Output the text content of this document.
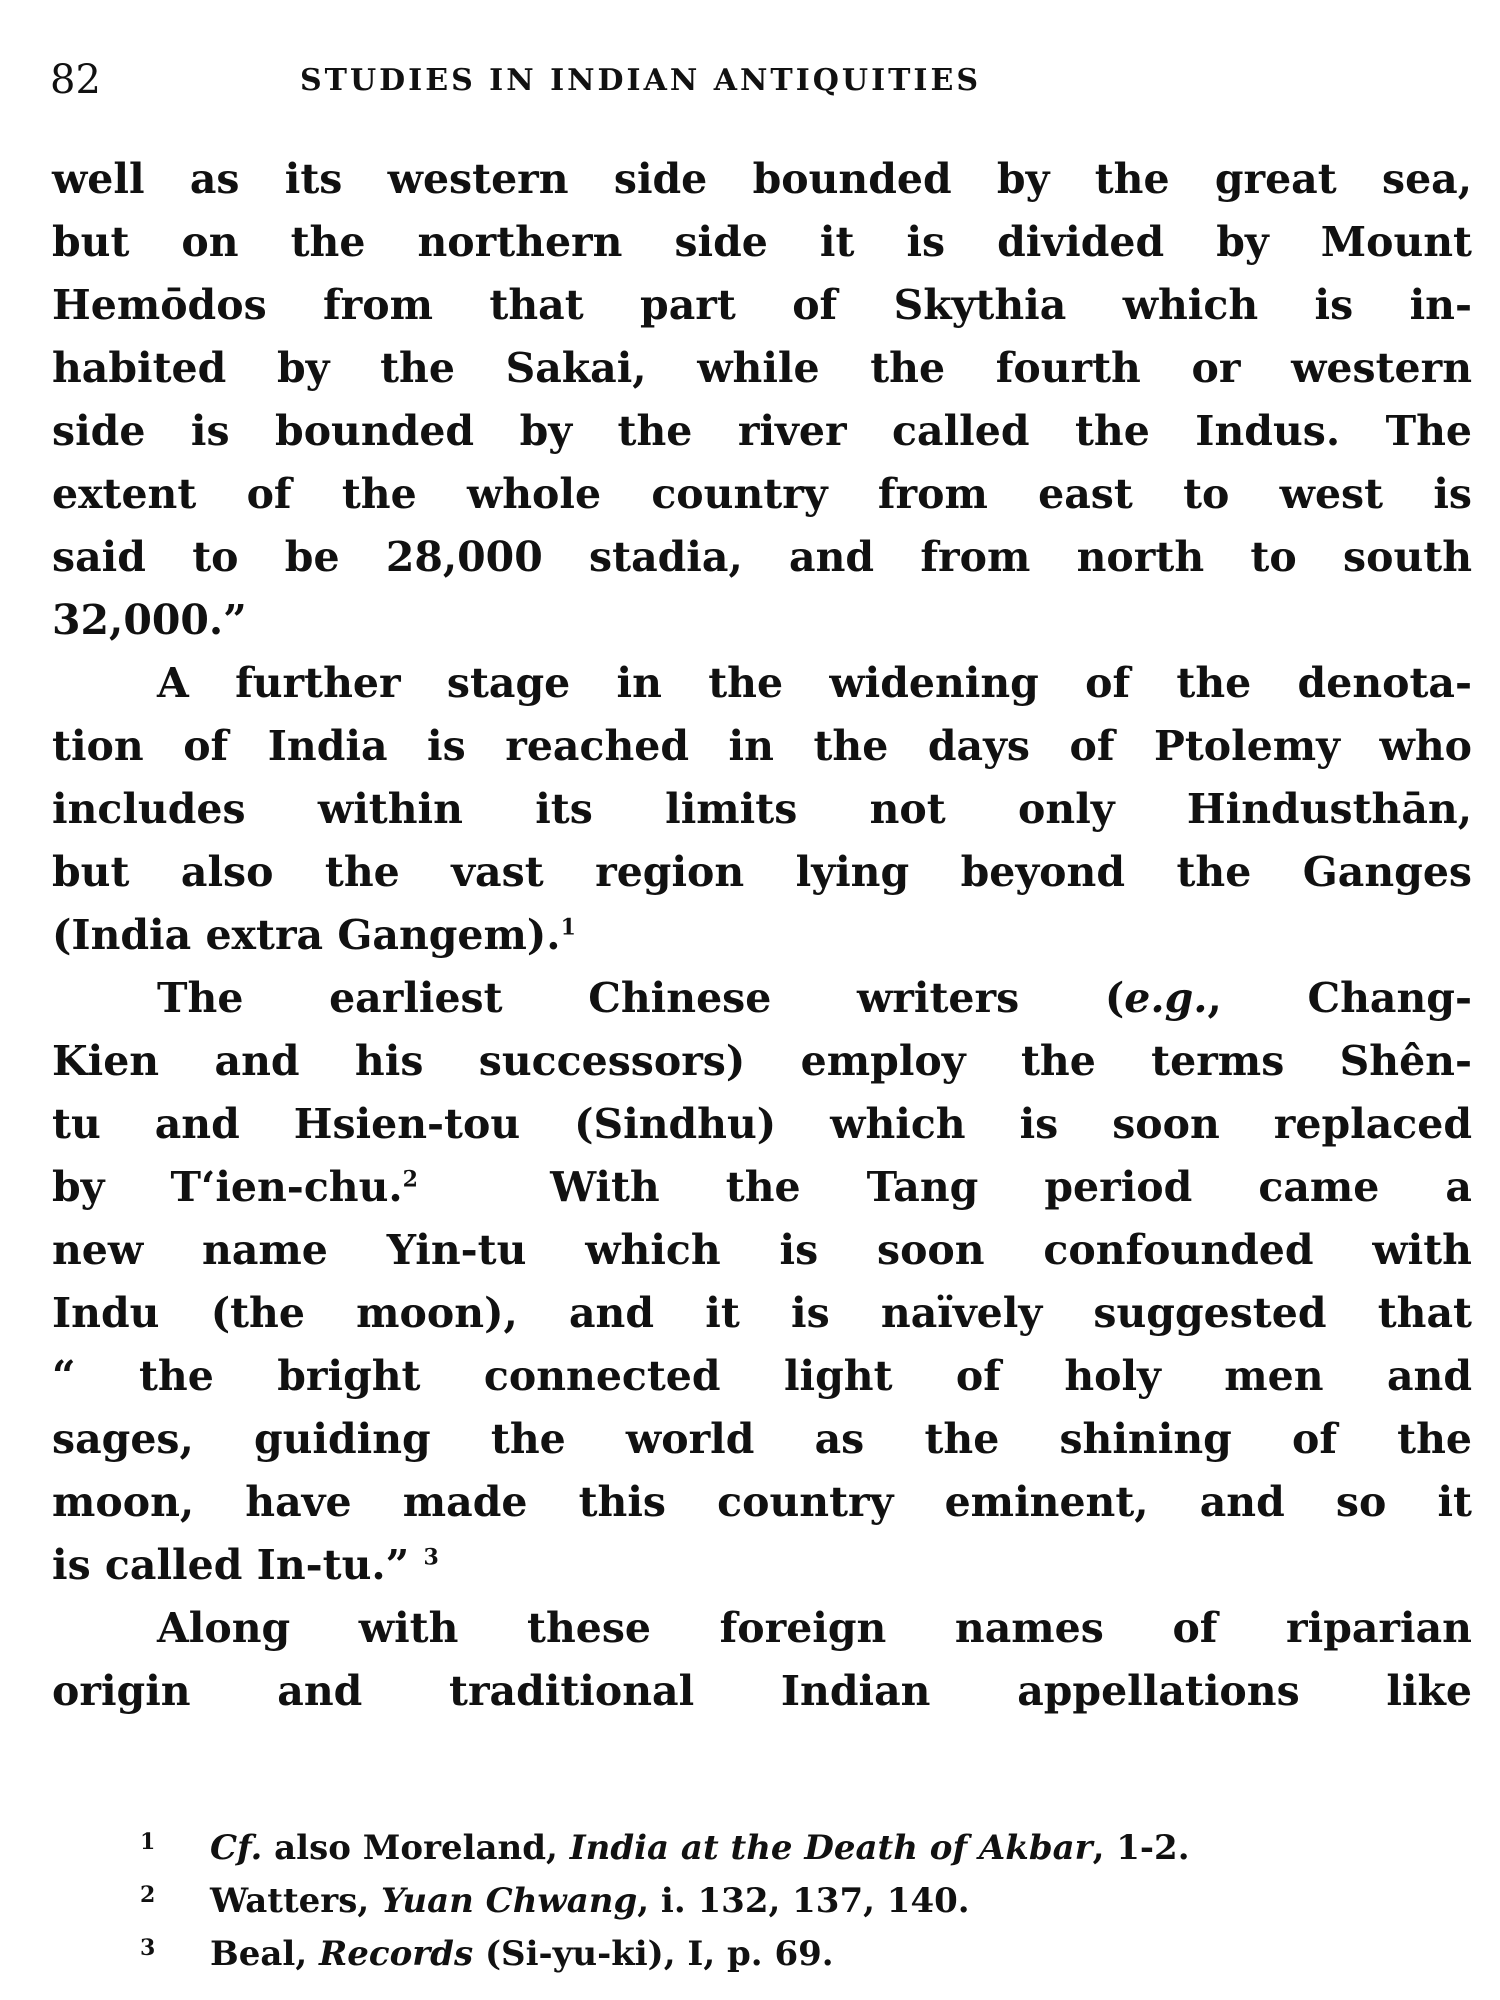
82	STUDIES IN INDIAN ANTIQUITIES
well as its western side bounded by the great sea,
but on the northern side it is divided by Mount
Hemōdos from that part of Skythia which is in-
habited by the Sakai, while the fourth or western
side is bounded by the river called the Indus. The
extent of the whole country from east to west is
said to be 28,000 stadia, and from north to south
32,000.”
A further stage in the widening of the denota-
tion of India is reached in the days of Ptolemy who
includes within its limits not only Hindusthān,
but also the vast region lying beyond the Ganges
(India extra Gangem).$^1$
The earliest Chinese writers (e.g., Chang-
Kien and his successors) employ the terms Shên-
tu and Hsien-tou (Sindhu) which is soon replaced
by T‘ien-chu.$^2$	With the Tang period came a
new name Yin-tu which is soon confounded with
Indu (the moon), and it is naïvely suggested that
“ the bright connected light of holy men and
sages, guiding the world as the shining of the
moon, have made this country eminent, and so it
is called In-tu.” $^3$
Along with these foreign names of riparian
origin and traditional Indian appellations like
1 Cf. also Moreland, India at the Death of Akbar, 1-2.
2 Watters, Yuan Chwang, i. 132, 137, 140.
3 Beal, Records (Si-yu-ki), I, p. 69.
